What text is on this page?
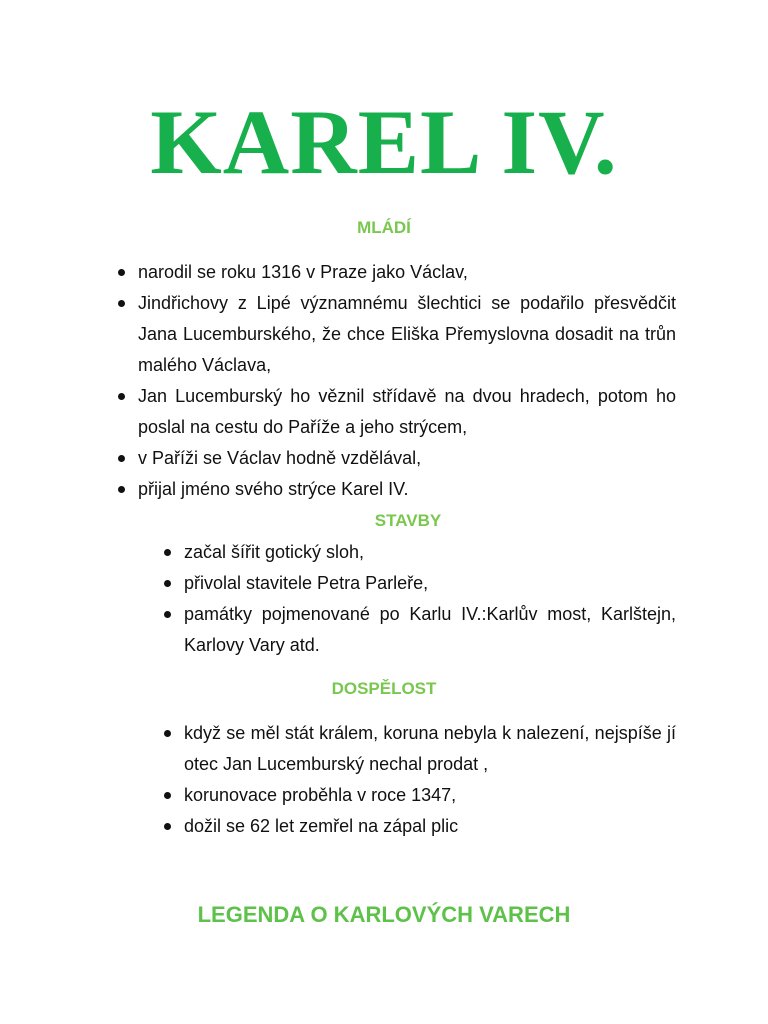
KAREL IV.
MLÁDÍ
narodil se roku 1316 v Praze jako Václav,
Jindřichovy z Lipé významnému šlechtici se podařilo přesvědčit Jana Lucemburského, že chce Eliška Přemyslovna dosadit na trůn malého Václava,
Jan Lucemburský ho věznil střídavě na dvou hradech, potom ho poslal na cestu do Paříže a jeho strýcem,
v Paříži se Václav hodně vzdělával,
přijal jméno svého strýce Karel IV.
STAVBY
začal šířit gotický sloh,
přivolal stavitele Petra Parleře,
památky pojmenované po Karlu IV.:Karlův most, Karlštejn, Karlovy Vary atd.
DOSPĚLOST
když se měl stát králem, koruna nebyla k nalezení, nejspíše jí otec Jan Lucemburský nechal prodat ,
korunovace proběhla v roce 1347,
dožil se 62 let zemřel na zápal plic
LEGENDA O KARLOVÝCH VARECH
